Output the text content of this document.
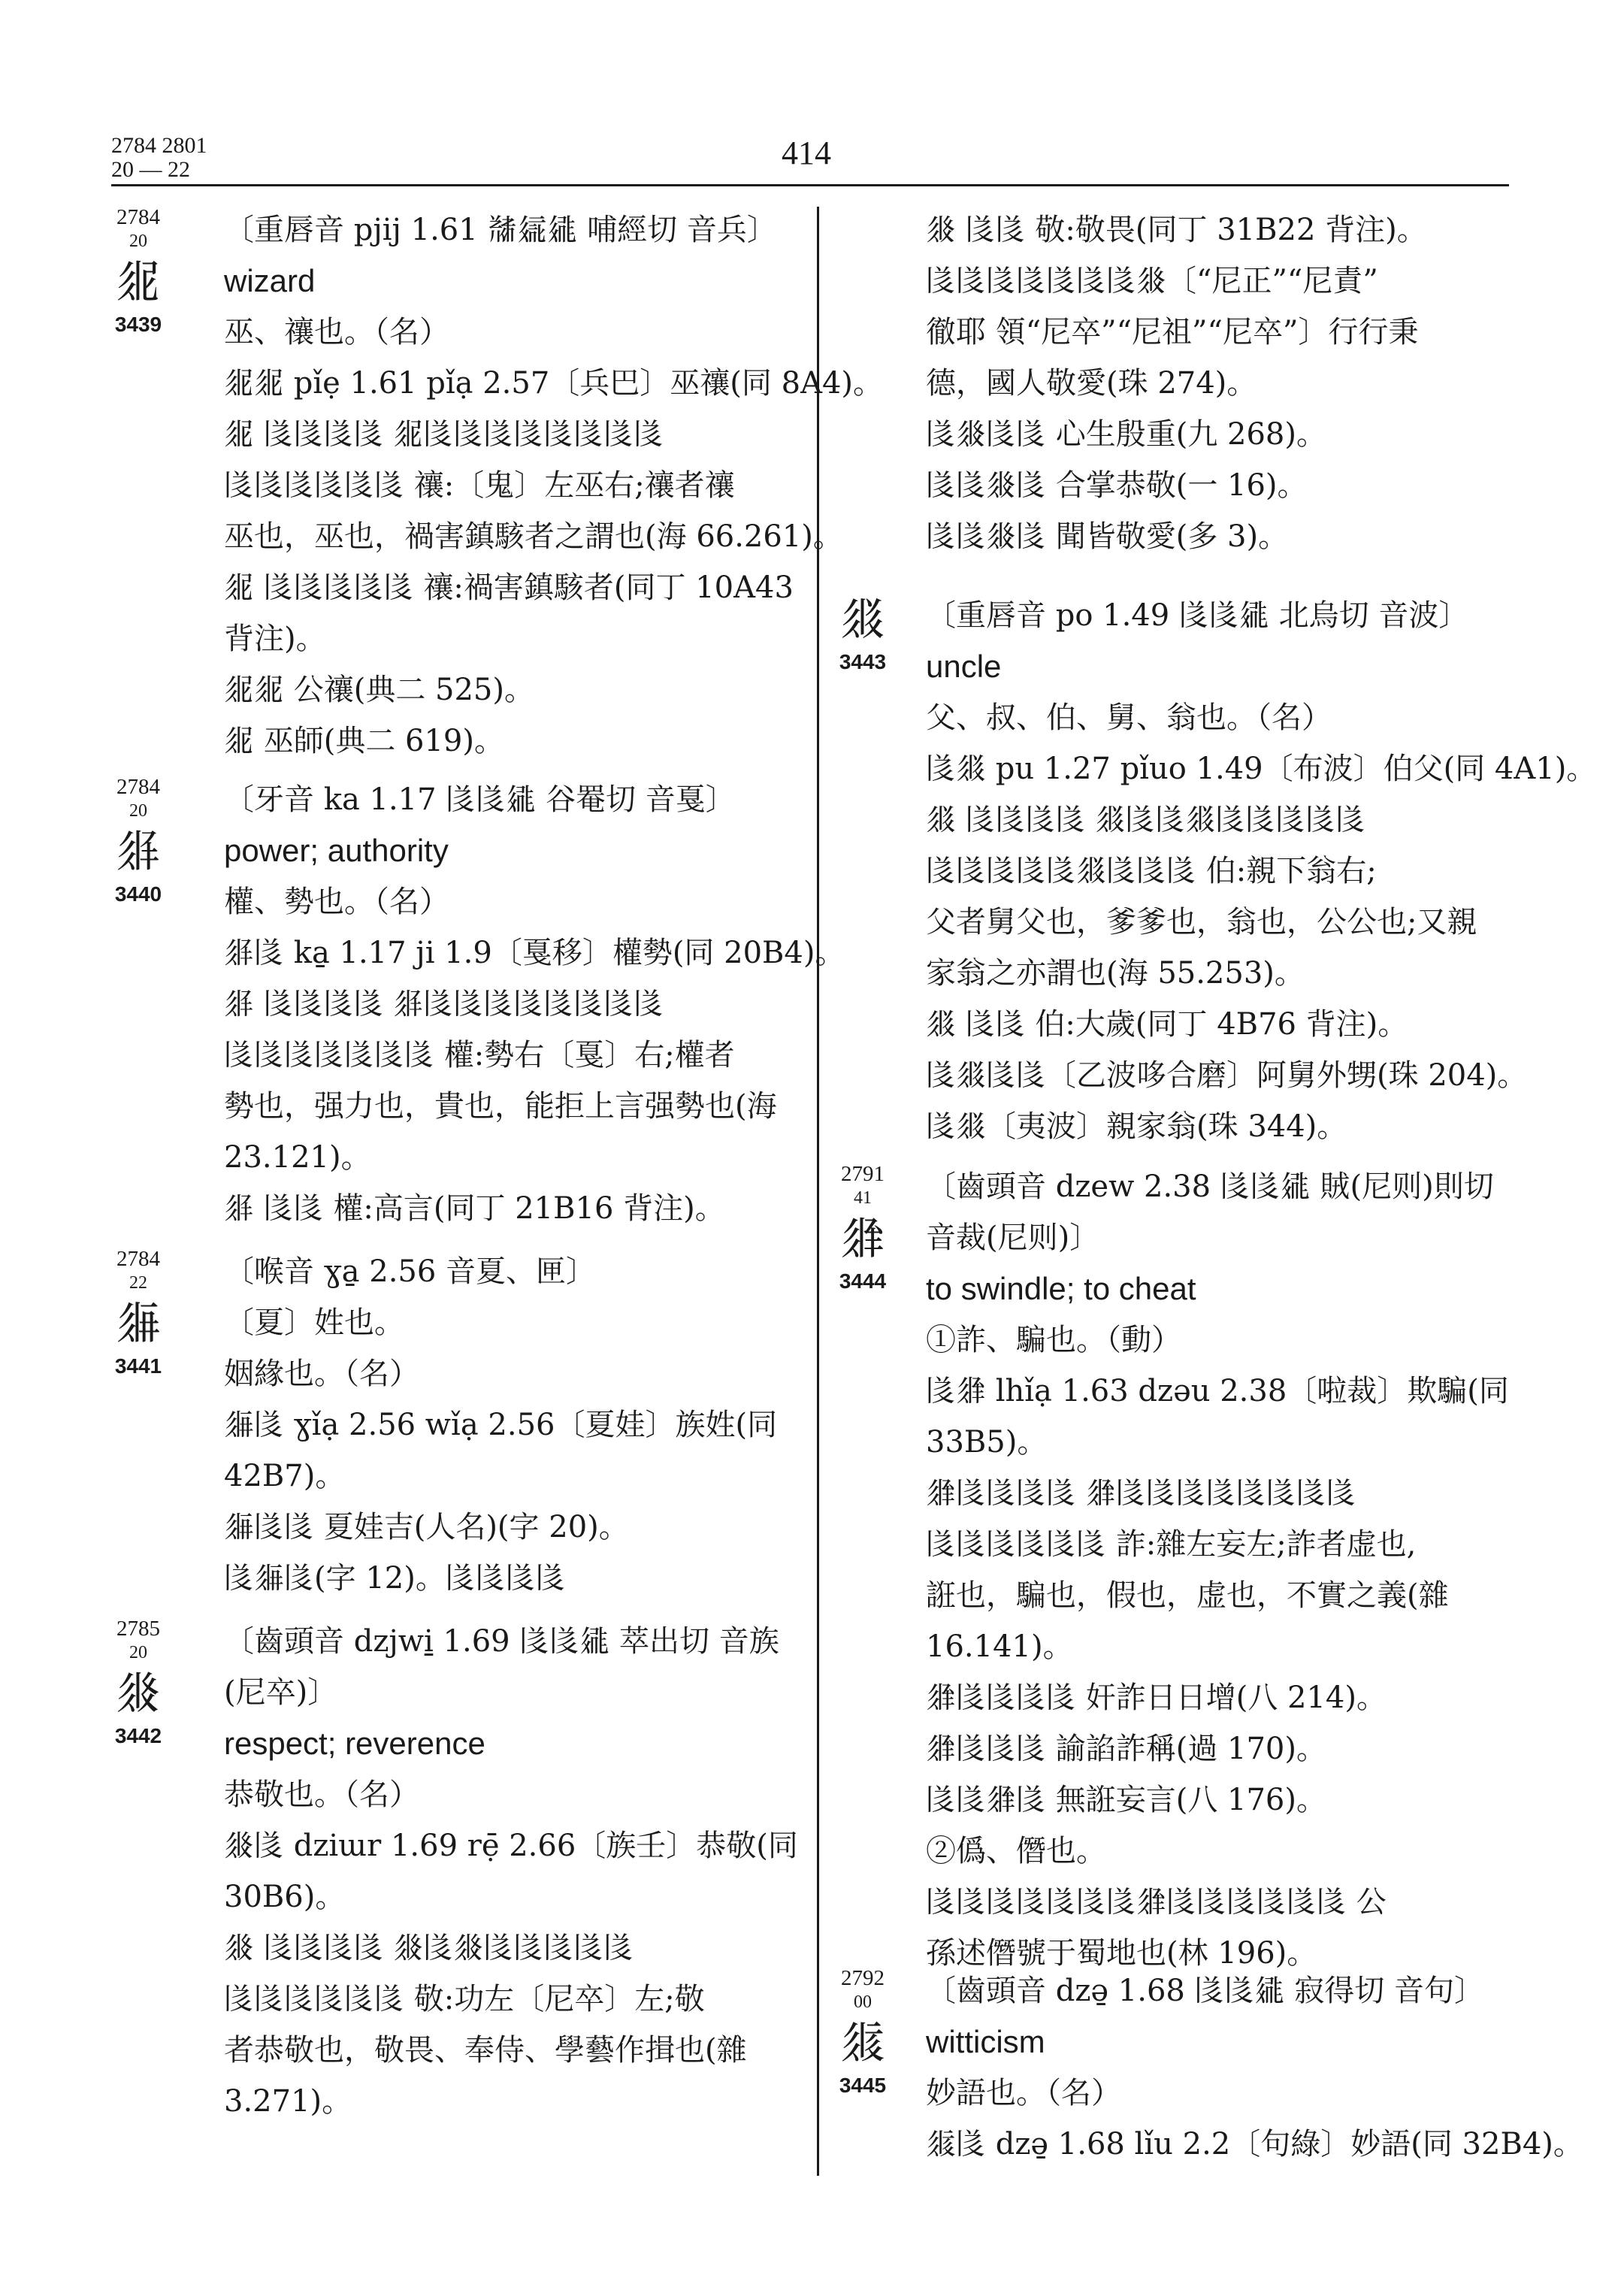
2784 2801
20 — 22	414
2784
20
𗼊
3439
〔重唇音 pjij 1.61 𘃟𗦇𗧓 哺經切 音兵〕
wizard
巫、禳也。（名）
𗼊𗼊 pǐẹ 1.61 pǐạ 2.57〔兵巴〕巫禳(同 8A4)。
𗼊 𗁅𗁅𗁅𗁅 𗼊𗁅𗁅𗁅𗁅𗁅𗁅𗁅𗁅
𗁅𗁅𗁅𗁅𗁅𗁅 禳:〔鬼〕左巫右;禳者禳
巫也，巫也，禍害鎮駭者之謂也(海 66.261)。
𗼊 𗁅𗁅𗁅𗁅𗁅 禳:禍害鎮駭者(同丁 10A43
背注)。
𗼊𗼊 公禳(典二 525)。
𗼊 巫師(典二 619)。
2784
20
𗼋
3440
〔牙音 ka 1.17 𗁅𗁅𗧓 谷罨切 音戛〕
power; authority
權、勢也。（名）
𗼋𗁅 ka̱ 1.17 ji 1.9〔戛移〕權勢(同 20B4)。
𗼋 𗁅𗁅𗁅𗁅 𗼋𗁅𗁅𗁅𗁅𗁅𗁅𗁅𗁅
𗁅𗁅𗁅𗁅𗁅𗁅𗁅 權:勢右〔戛〕右;權者
勢也，强力也，貴也，能拒上言强勢也(海
23.121)。
𗼋 𗁅𗁅 權:高言(同丁 21B16 背注)。
2784
22
𗼌
3441
〔喉音 ɣa̱ 2.56 音夏、匣〕
〔夏〕姓也。
姻緣也。（名）
𗼌𗁅 ɣǐạ 2.56 wǐạ 2.56〔夏娃〕族姓(同
42B7)。
𗼌𗁅𗁅 夏娃吉(人名)(字 20)。
𗁅𗼌𗁅(字 12)。𗁅𗁅𗁅𗁅
2785
20
𗼍
3442
〔齒頭音 dzjwi̱ 1.69 𗁅𗁅𗧓 萃出切 音族
(尼卒)〕
respect; reverence
恭敬也。（名）
𗼍𗁅 dziɯr 1.69 rẹ̄ 2.66〔族壬〕恭敬(同
30B6)。
𗼍 𗁅𗁅𗁅𗁅 𗼍𗁅𗼍𗁅𗁅𗁅𗁅𗁅
𗁅𗁅𗁅𗁅𗁅𗁅 敬:功左〔尼卒〕左;敬
者恭敬也，敬畏、奉侍、學藝作揖也(雜
3.271)。
𗼍 𗁅𗁅 敬:敬畏(同丁 31B22 背注)。
𗁅𗁅𗁅𗁅𗁅𗁅𗁅𗼍〔“尼正”“尼責”
徹耶 領“尼卒”“尼祖”“尼卒”〕行行秉
德，國人敬愛(珠 274)。
𗁅𗼍𗁅𗁅 心生殷重(九 268)。
𗁅𗁅𗼍𗁅 合掌恭敬(一 16)。
𗁅𗁅𗼍𗁅 聞皆敬愛(多 3)。
𗼎
3443
〔重唇音 po 1.49 𗁅𗁅𗧓 北烏切 音波〕
uncle
父、叔、伯、舅、翁也。（名）
𗁅𗼎 pu 1.27 pǐuo 1.49〔布波〕伯父(同 4A1)。
𗼎 𗁅𗁅𗁅𗁅 𗼎𗁅𗁅𗼎𗁅𗁅𗁅𗁅𗁅
𗁅𗁅𗁅𗁅𗁅𗼎𗁅𗁅𗁅 伯:親下翁右;
父者舅父也，爹爹也，翁也，公公也;又親
家翁之亦謂也(海 55.253)。
𗼎 𗁅𗁅 伯:大歲(同丁 4B76 背注)。
𗁅𗼎𗁅𗁅〔乙波哆合磨〕阿舅外甥(珠 204)。
𗁅𗼎〔夷波〕親家翁(珠 344)。
2791
41
𗼏
3444
〔齒頭音 dzew 2.38 𗁅𗁅𗧓 賊(尼则)則切
音裁(尼则)〕
to swindle; to cheat
①詐、騙也。（動）
𗁅𗼏 lhǐạ 1.63 dzəu 2.38〔啦裁〕欺騙(同
33B5)。
𗼏𗁅𗁅𗁅𗁅 𗼏𗁅𗁅𗁅𗁅𗁅𗁅𗁅𗁅
𗁅𗁅𗁅𗁅𗁅𗁅 詐:雜左妄左;詐者虚也,
誑也，騙也，假也，虚也，不實之義(雜
16.141)。
𗼏𗁅𗁅𗁅𗁅 奸詐日日增(八 214)。
𗼏𗁅𗁅𗁅 諭諂詐稱(過 170)。
𗁅𗁅𗼏𗁅 無誑妄言(八 176)。
②僞、僭也。
𗁅𗁅𗁅𗁅𗁅𗁅𗁅𗼏𗁅𗁅𗁅𗁅𗁅𗁅 公
孫述僭號于蜀地也(林 196)。
2792
00
𗼐
3445
〔齒頭音 dzə̱ 1.68 𗁅𗁅𗧓 寂得切 音句〕
witticism
妙語也。（名）
𗼐𗁅 dzə̱ 1.68 lǐu 2.2〔句綠〕妙語(同 32B4)。
